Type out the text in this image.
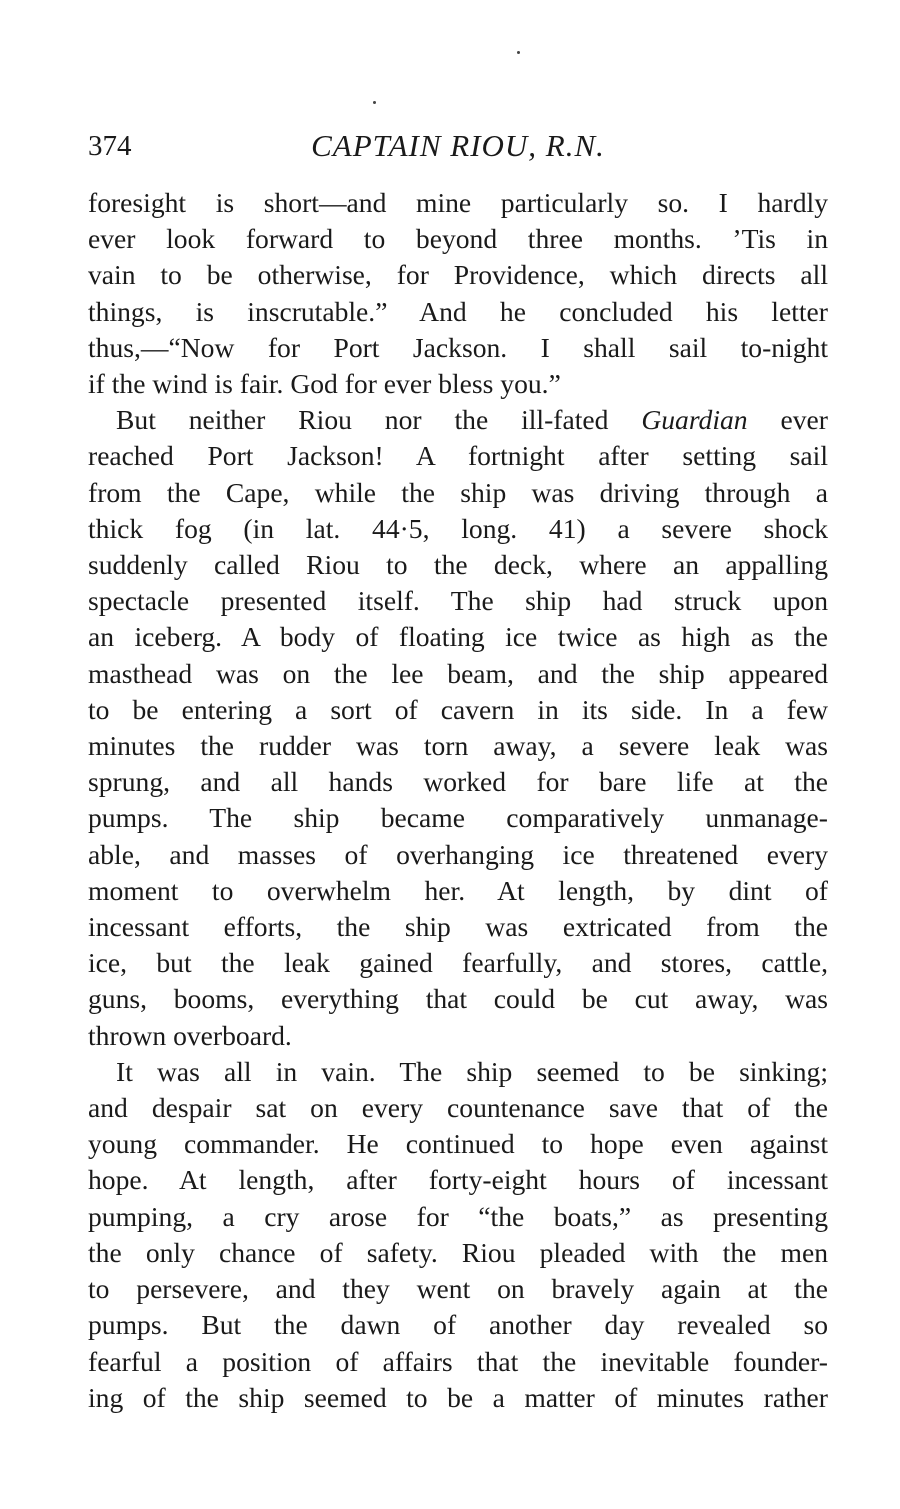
374	CAPTAIN RIOU, R.N.

foresight is short—and mine particularly so. I hardly
ever look forward to beyond three months. ’Tis in
vain to be otherwise, for Providence, which directs all
things, is inscrutable.” And he concluded his letter
thus,—“Now for Port Jackson. I shall sail to-night
if the wind is fair. God for ever bless you.”

But neither Riou nor the ill-fated Guardian ever
reached Port Jackson! A fortnight after setting sail
from the Cape, while the ship was driving through a
thick fog (in lat. 44·5, long. 41) a severe shock
suddenly called Riou to the deck, where an appalling
spectacle presented itself. The ship had struck upon
an iceberg. A body of floating ice twice as high as the
masthead was on the lee beam, and the ship appeared
to be entering a sort of cavern in its side. In a few
minutes the rudder was torn away, a severe leak was
sprung, and all hands worked for bare life at the
pumps. The ship became comparatively unmanage-
able, and masses of overhanging ice threatened every
moment to overwhelm her. At length, by dint of
incessant efforts, the ship was extricated from the
ice, but the leak gained fearfully, and stores, cattle,
guns, booms, everything that could be cut away, was
thrown overboard.

It was all in vain. The ship seemed to be sinking;
and despair sat on every countenance save that of the
young commander. He continued to hope even against
hope. At length, after forty-eight hours of incessant
pumping, a cry arose for “the boats,” as presenting
the only chance of safety. Riou pleaded with the men
to persevere, and they went on bravely again at the
pumps. But the dawn of another day revealed so
fearful a position of affairs that the inevitable founder-
ing of the ship seemed to be a matter of minutes rather
